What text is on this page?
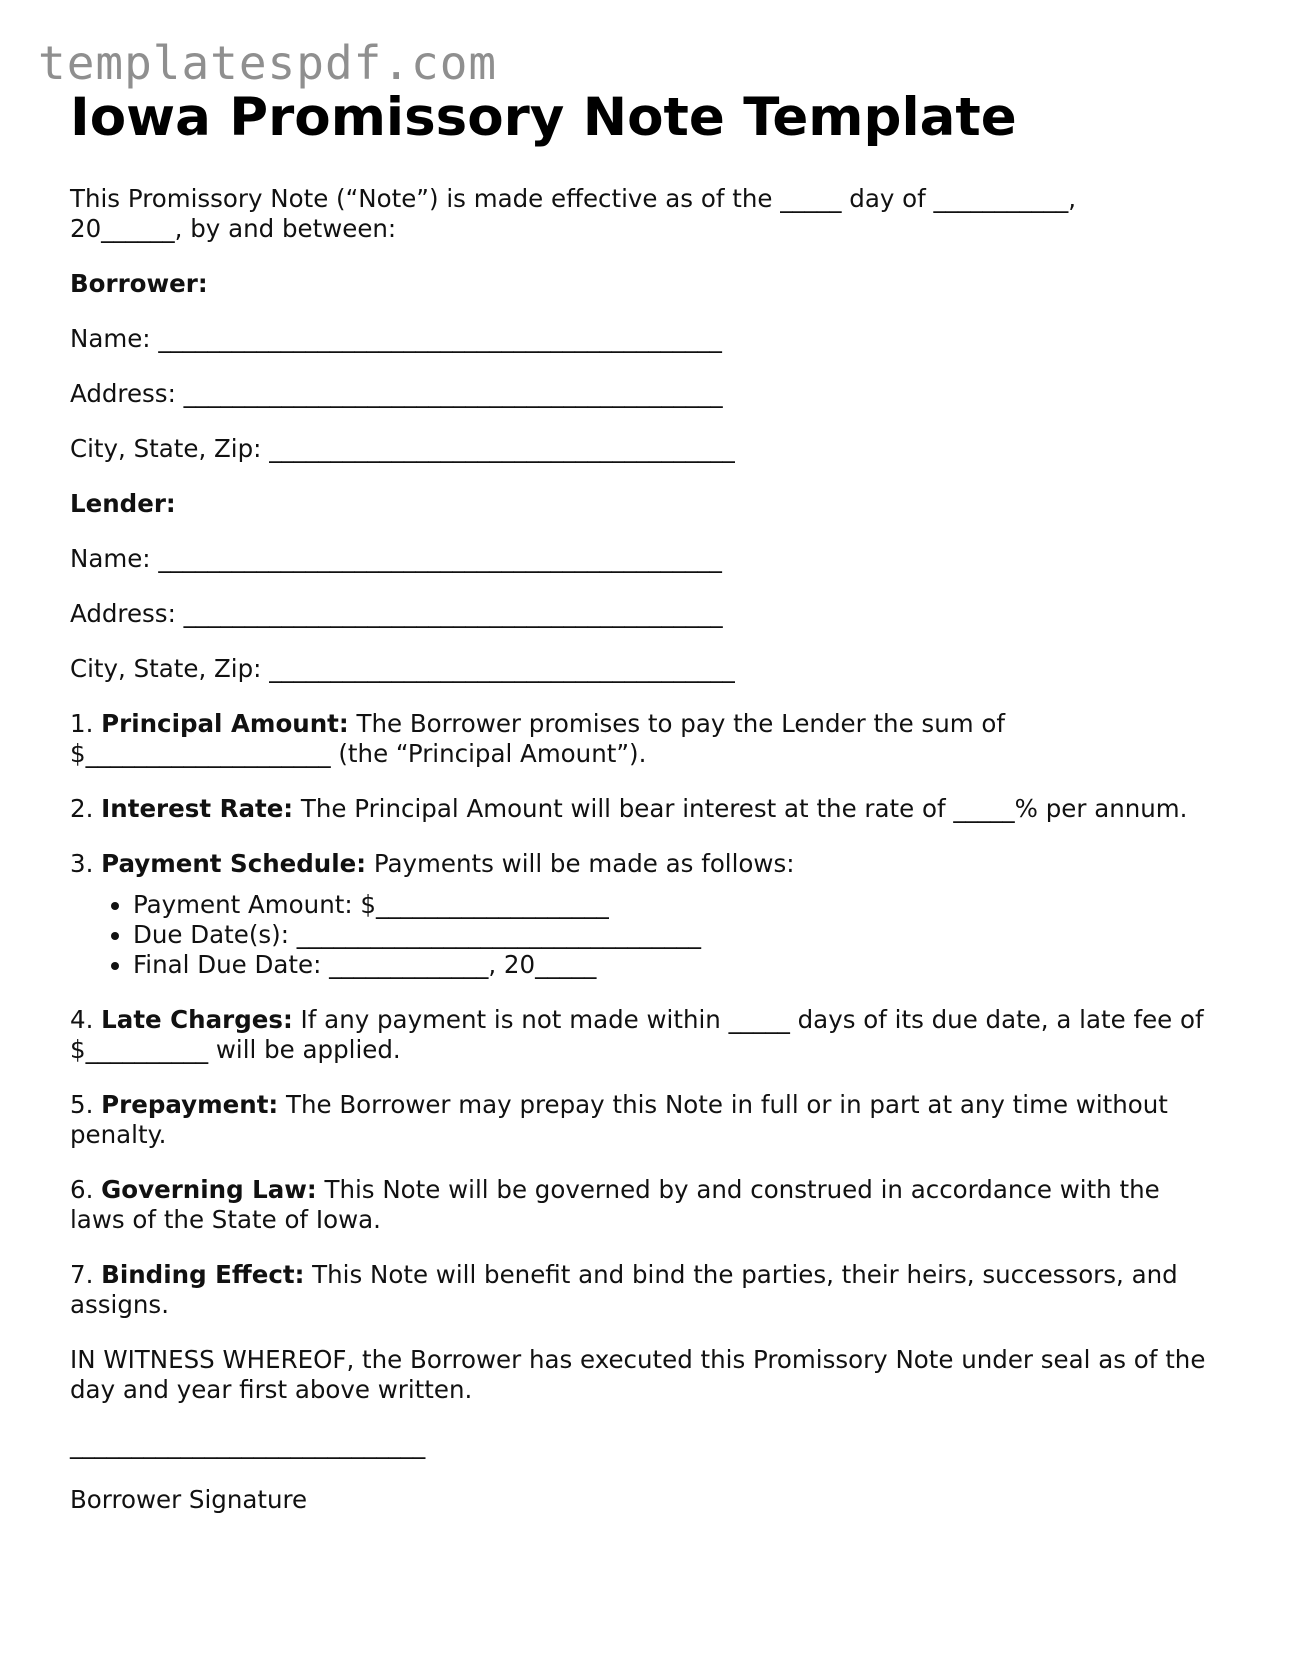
templatespdf.com
Iowa Promissory Note Template

This Promissory Note (“Note”) is made effective as of the _____ day of ___________,
20______, by and between:

Borrower:

Name: ______________________________________________

Address: ____________________________________________

City, State, Zip: ______________________________________

Lender:

Name: ______________________________________________

Address: ____________________________________________

City, State, Zip: ______________________________________

1. Principal Amount: The Borrower promises to pay the Lender the sum of $____________________ (the “Principal Amount”).

2. Interest Rate: The Principal Amount will bear interest at the rate of _____% per annum.

3. Payment Schedule: Payments will be made as follows:

• Payment Amount: $___________________
• Due Date(s): _________________________________
• Final Due Date: _____________, 20_____

4. Late Charges: If any payment is not made within _____ days of its due date, a late fee of $__________ will be applied.

5. Prepayment: The Borrower may prepay this Note in full or in part at any time without penalty.

6. Governing Law: This Note will be governed by and construed in accordance with the laws of the State of Iowa.

7. Binding Effect: This Note will benefit and bind the parties, their heirs, successors, and assigns.

IN WITNESS WHEREOF, the Borrower has executed this Promissory Note under seal as of the day and year first above written.

_____________________________

Borrower Signature
